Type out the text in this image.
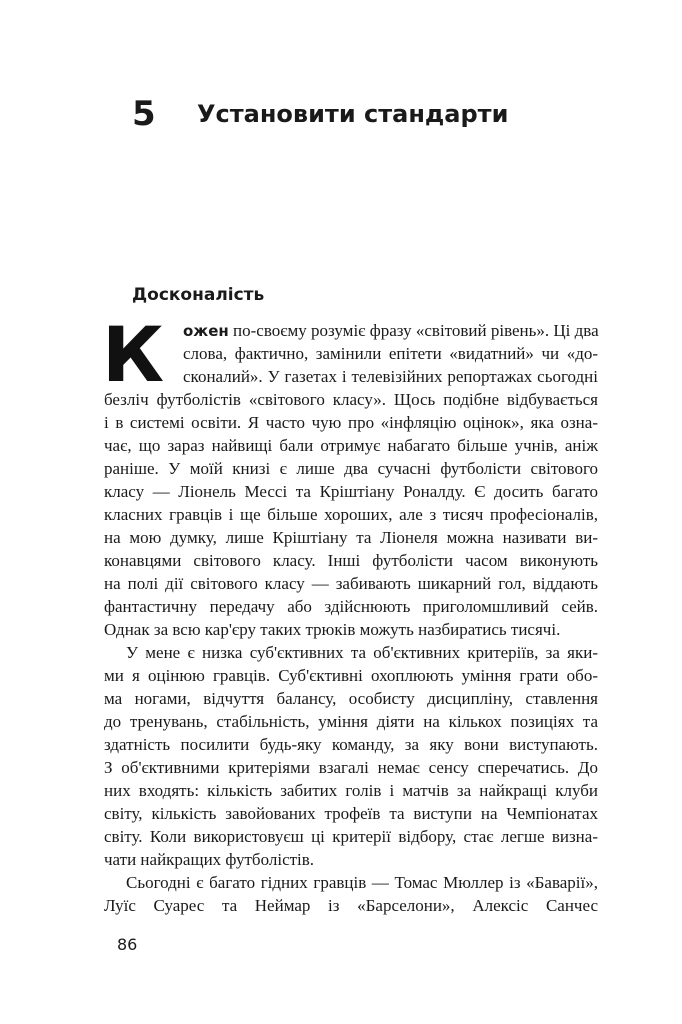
5 Установити стандарти
Досконалість
К ожен по-своєму розуміє фразу «світовий рівень». Ці два
слова, фактично, замінили епітети «видатний» чи «до-
сконалий». У газетах і телевізійних репортажах сьогодні
безліч футболістів «світового класу». Щось подібне відбувається
і в системі освіти. Я часто чую про «інфляцію оцінок», яка озна-
чає, що зараз найвищі бали отримує набагато більше учнів, аніж
раніше. У моїй книзі є лише два сучасні футболісти світового
класу — Ліонель Мессі та Кріштіану Роналду. Є досить багато
класних гравців і ще більше хороших, але з тисяч професіоналів,
на мою думку, лише Кріштіану та Ліонеля можна називати ви-
конавцями світового класу. Інші футболісти часом виконують
на полі дії світового класу — забивають шикарний гол, віддають
фантастичну передачу або здійснюють приголомшливий сейв.
Однак за всю кар'єру таких трюків можуть назбиратись тисячі.
У мене є низка суб'єктивних та об'єктивних критеріїв, за яки-
ми я оцінюю гравців. Суб'єктивні охоплюють уміння грати обо-
ма ногами, відчуття балансу, особисту дисципліну, ставлення
до тренувань, стабільність, уміння діяти на кількох позиціях та
здатність посилити будь-яку команду, за яку вони виступають.
З об'єктивними критеріями взагалі немає сенсу сперечатись. До
них входять: кількість забитих голів і матчів за найкращі клуби
світу, кількість завойованих трофеїв та виступи на Чемпіонатах
світу. Коли використовуєш ці критерії відбору, стає легше визна-
чати найкращих футболістів.
Сьогодні є багато гідних гравців — Томас Мюллер із «Баварії»,
Луїс Суарес та Неймар із «Барселони», Алексіс Санчес
86
